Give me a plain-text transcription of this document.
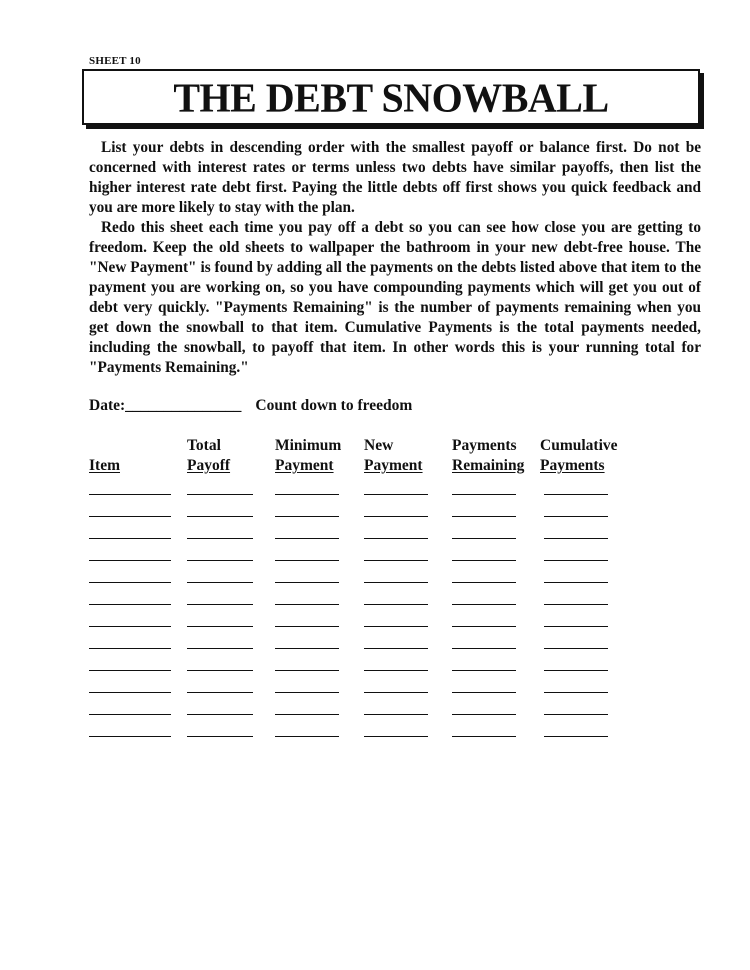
SHEET 10
THE DEBT SNOWBALL

List your debts in descending order with the smallest payoff or balance first. Do not be concerned with interest rates or terms unless two debts have similar payoffs, then list the higher interest rate debt first. Paying the little debts off first shows you quick feedback and you are more likely to stay with the plan.

Redo this sheet each time you pay off a debt so you can see how close you are getting to freedom. Keep the old sheets to wallpaper the bathroom in your new debt-free house. The "New Payment" is found by adding all the payments on the debts listed above that item to the payment you are working on, so you have compounding payments which will get you out of debt very quickly. "Payments Remaining" is the number of payments remaining when you get down the snowball to that item. Cumulative Payments is the total payments needed, including the snowball, to payoff that item. In other words this is your running total for "Payments Remaining."

Date:_______________ Count down to freedom

Item
Total
Payoff
Minimum
Payment
New
Payment
Payments
Remaining
Cumulative
Payments
